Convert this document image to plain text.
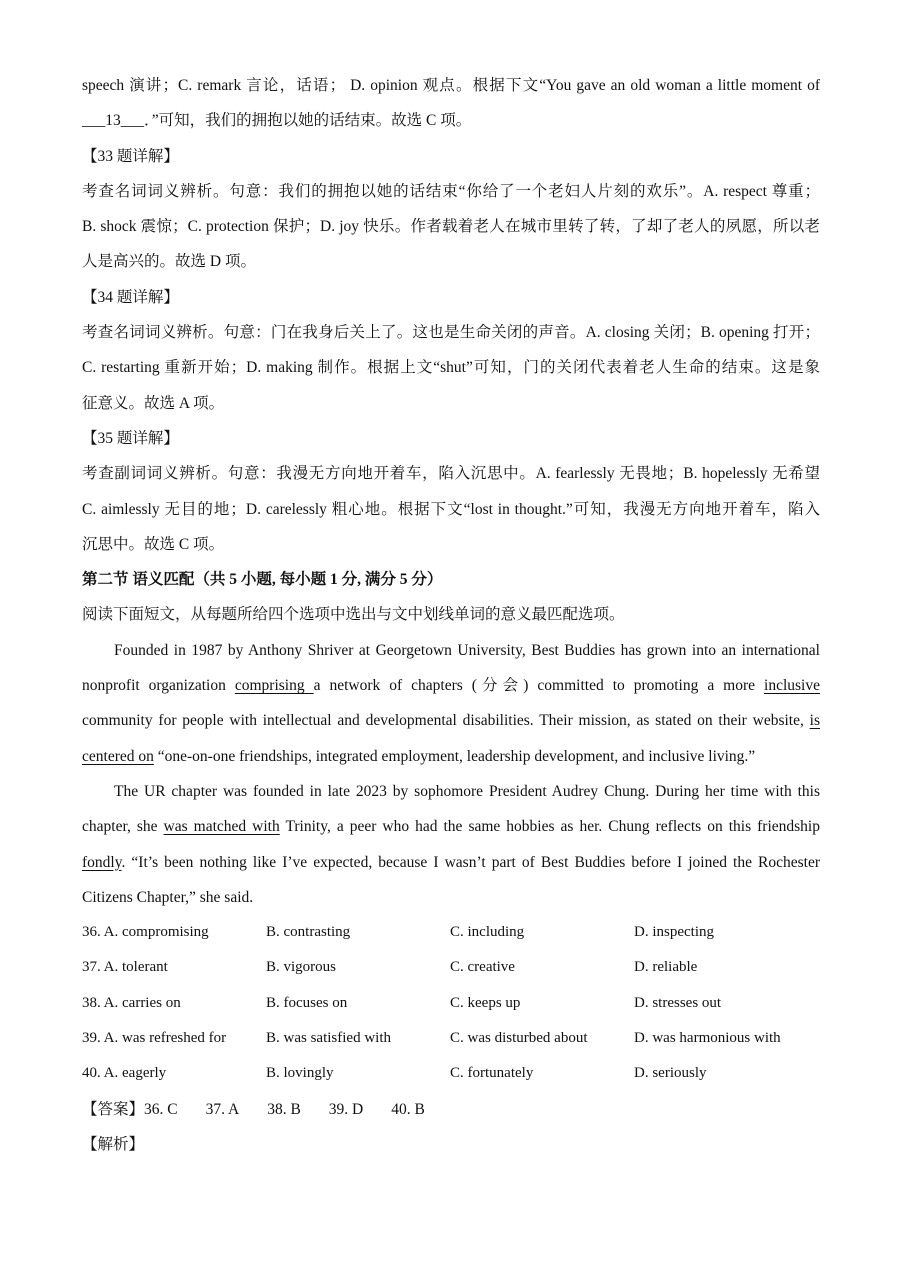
speech 演讲；C. remark 言论，话语； D. opinion 观点。根据下文“You gave an old woman a little moment of
___13___．”可知，我们的拥抱以她的话结束。故选 C 项。
【33 题详解】
考查名词词义辨析。句意：我们的拥抱以她的话结束“你给了一个老妇人片刻的欢乐”。A. respect 尊重；
B. shock 震惊；C. protection 保护；D. joy 快乐。作者载着老人在城市里转了转，了却了老人的夙愿，所以老
人是高兴的。故选 D 项。
【34 题详解】
考查名词词义辨析。句意：门在我身后关上了。这也是生命关闭的声音。A. closing 关闭；B. opening 打开；
C. restarting 重新开始；D. making 制作。根据上文“shut”可知，门的关闭代表着老人生命的结束。这是象
征意义。故选 A 项。
【35 题详解】
考查副词词义辨析。句意：我漫无方向地开着车，陷入沉思中。A. fearlessly 无畏地；B. hopelessly 无希望
C. aimlessly 无目的地；D. carelessly 粗心地。根据下文“lost in thought.”可知，我漫无方向地开着车，陷入
沉思中。故选 C 项。
第二节 语义匹配（共 5 小题, 每小题 1 分, 满分 5 分）
阅读下面短文，从每题所给四个选项中选出与文中划线单词的意义最匹配选项。
Founded in 1987 by Anthony Shriver at Georgetown University, Best Buddies has grown into an international
nonprofit organization comprising a network of chapters (分会) committed to promoting a more inclusive
community for people with intellectual and developmental disabilities. Their mission, as stated on their website, is
centered on “one-on-one friendships, integrated employment, leadership development, and inclusive living.”
The UR chapter was founded in late 2023 by sophomore President Audrey Chung. During her time with this
chapter, she was matched with Trinity, a peer who had the same hobbies as her. Chung reflects on this friendship
fondly. “It’s been nothing like I’ve expected, because I wasn’t part of Best Buddies before I joined the Rochester
Citizens Chapter,” she said.
36. A. compromising	B. contrasting	C. including	D. inspecting
37. A. tolerant	B. vigorous	C. creative	D. reliable
38. A. carries on	B. focuses on	C. keeps up	D. stresses out
39. A. was refreshed for	B. was satisfied with	C. was disturbed about	D. was harmonious with
40. A. eagerly	B. lovingly	C. fortunately	D. seriously
【答案】36. C 37. A 38. B 39. D 40. B
【解析】
